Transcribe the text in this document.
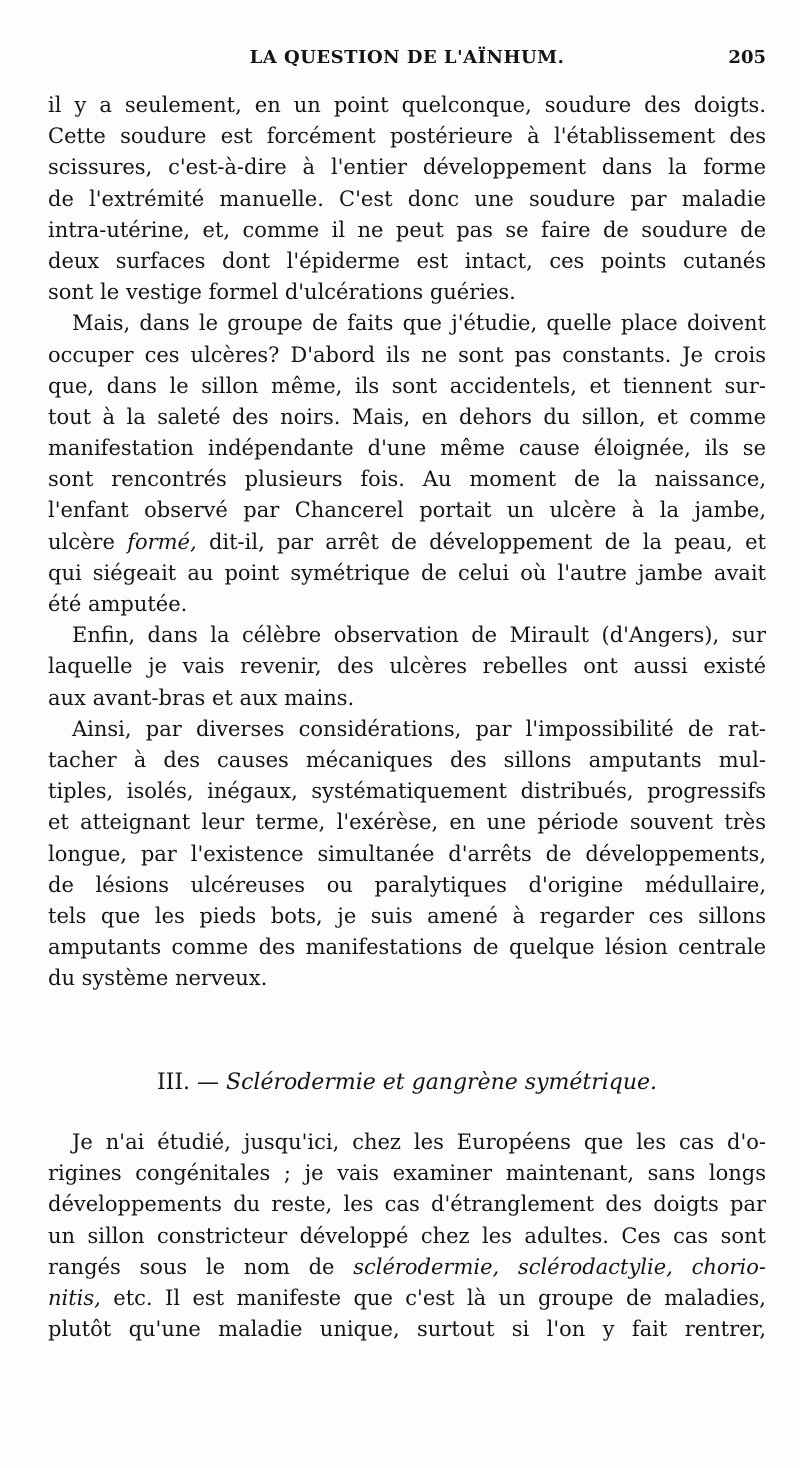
LA QUESTION DE L'AÏNHUM.	205
il y a seulement, en un point quelconque, soudure des doigts.
Cette soudure est forcément postérieure à l'établissement des
scissures, c'est-à-dire à l'entier développement dans la forme
de l'extrémité manuelle. C'est donc une soudure par maladie
intra-utérine, et, comme il ne peut pas se faire de soudure de
deux surfaces dont l'épiderme est intact, ces points cutanés
sont le vestige formel d'ulcérations guéries.
Mais, dans le groupe de faits que j'étudie, quelle place doivent
occuper ces ulcères? D'abord ils ne sont pas constants. Je crois
que, dans le sillon même, ils sont accidentels, et tiennent sur-
tout à la saleté des noirs. Mais, en dehors du sillon, et comme
manifestation indépendante d'une même cause éloignée, ils se
sont rencontrés plusieurs fois. Au moment de la naissance,
l'enfant observé par Chancerel portait un ulcère à la jambe,
ulcère formé, dit-il, par arrêt de développement de la peau, et
qui siégeait au point symétrique de celui où l'autre jambe avait
été amputée.
Enfin, dans la célèbre observation de Mirault (d'Angers), sur
laquelle je vais revenir, des ulcères rebelles ont aussi existé
aux avant-bras et aux mains.
Ainsi, par diverses considérations, par l'impossibilité de rat-
tacher à des causes mécaniques des sillons amputants mul-
tiples, isolés, inégaux, systématiquement distribués, progressifs
et atteignant leur terme, l'exérèse, en une période souvent très
longue, par l'existence simultanée d'arrêts de développements,
de lésions ulcéreuses ou paralytiques d'origine médullaire,
tels que les pieds bots, je suis amené à regarder ces sillons
amputants comme des manifestations de quelque lésion centrale
du système nerveux.
III. — Sclérodermie et gangrène symétrique.
Je n'ai étudié, jusqu'ici, chez les Européens que les cas d'o-
rigines congénitales ; je vais examiner maintenant, sans longs
développements du reste, les cas d'étranglement des doigts par
un sillon constricteur développé chez les adultes. Ces cas sont
rangés sous le nom de sclérodermie, sclérodactylie, chorio-
nitis, etc. Il est manifeste que c'est là un groupe de maladies,
plutôt qu'une maladie unique, surtout si l'on y fait rentrer,
